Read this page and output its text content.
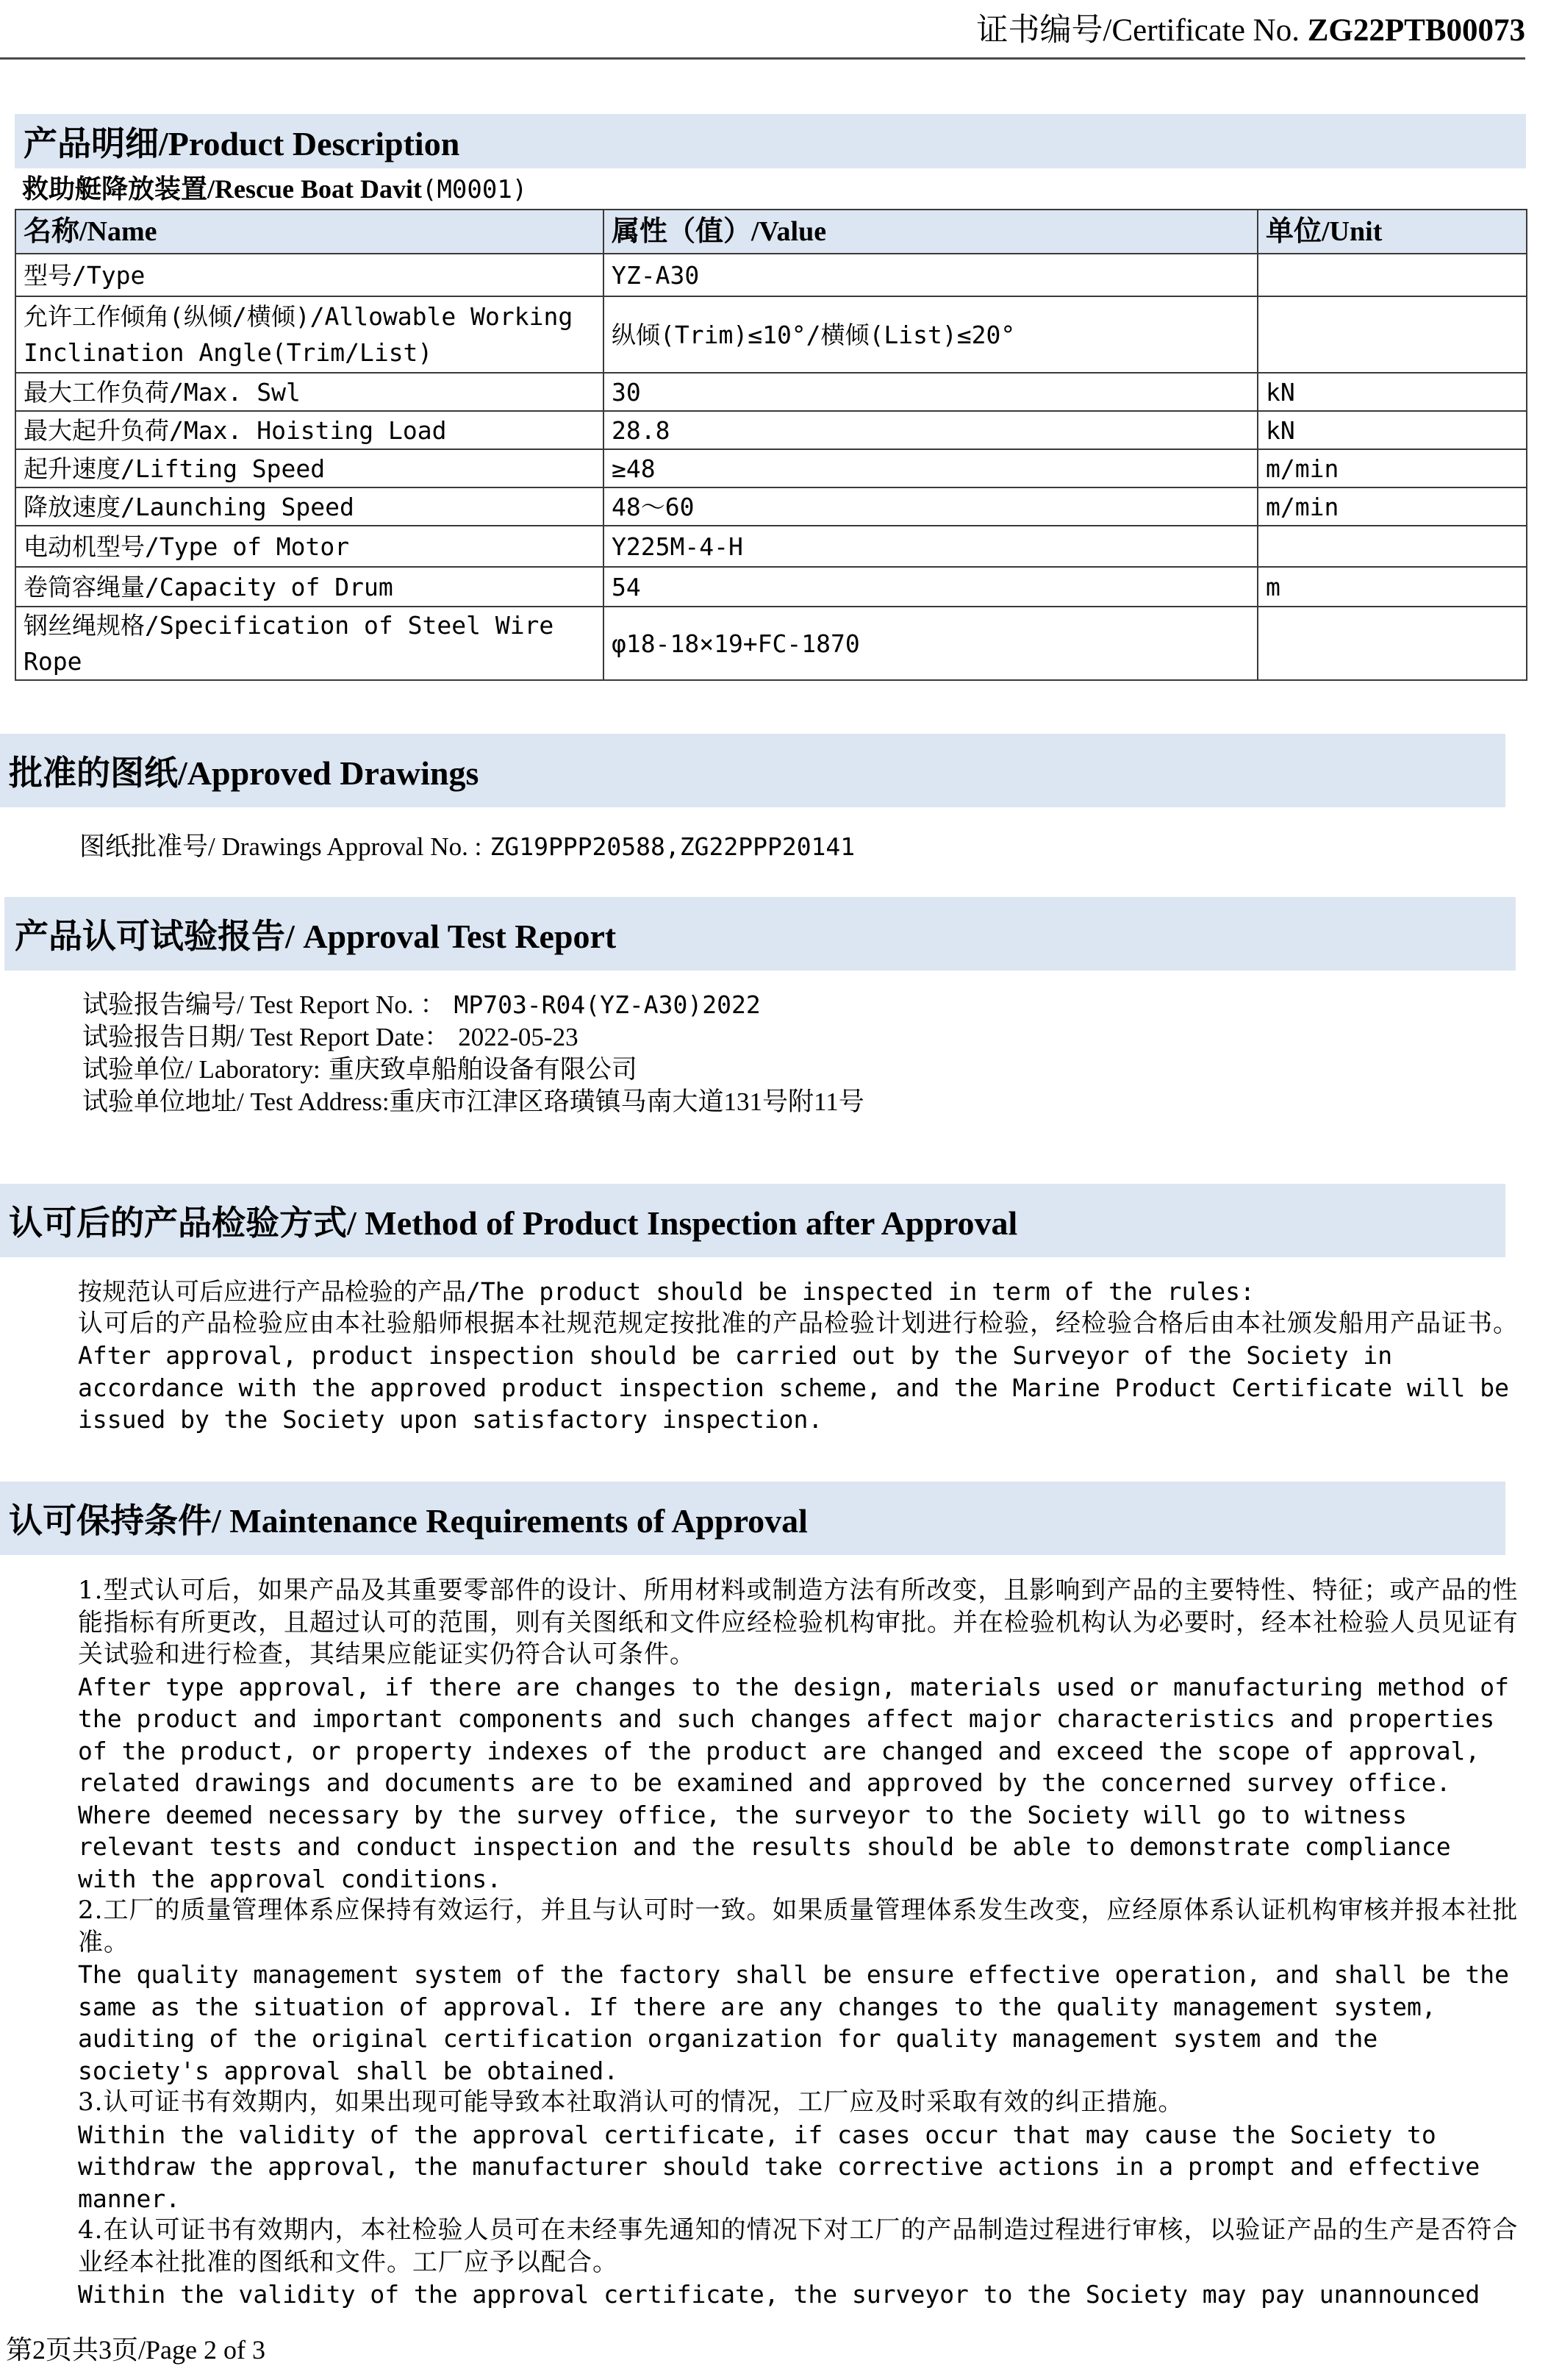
证书编号/Certificate No. ZG22PTB00073
产品明细/Product Description
救助艇降放装置/Rescue Boat Davit(M0001)
名称/Name	属性（值）/Value	单位/Unit
型号/Type	YZ-A30	
允许工作倾角(纵倾/横倾)/Allowable Working Inclination Angle(Trim/List)	纵倾(Trim)≤10°/横倾(List)≤20°	
最大工作负荷/Max. Swl	30	kN
最大起升负荷/Max. Hoisting Load	28.8	kN
起升速度/Lifting Speed	≥48	m/min
降放速度/Launching Speed	48～60	m/min
电动机型号/Type of Motor	Y225M-4-H	
卷筒容绳量/Capacity of Drum	54	m
钢丝绳规格/Specification of Steel Wire Rope	φ18-18×19+FC-1870	
批准的图纸/Approved Drawings
图纸批准号/ Drawings Approval No. : ZG19PPP20588,ZG22PPP20141
产品认可试验报告/ Approval Test Report
试验报告编号/ Test Report No. ： MP703-R04(YZ-A30)2022
试验报告日期/ Test Report Date： 2022-05-23
试验单位/ Laboratory: 重庆致卓船舶设备有限公司
试验单位地址/ Test Address:重庆市江津区珞璜镇马南大道131号附11号
认可后的产品检验方式/ Method of Product Inspection after Approval

按规范认可后应进行产品检验的产品/The product should be inspected in term of the rules:

认可后的产品检验应由本社验船师根据本社规范规定按批准的产品检验计划进行检验，经检验合格后由本社颁发船用产品证书。

After approval, product inspection should be carried out by the Surveyor of the Society in accordance with the approved product inspection scheme, and the Marine Product Certificate will be issued by the Society upon satisfactory inspection.

认可保持条件/ Maintenance Requirements of Approval

1.型式认可后，如果产品及其重要零部件的设计、所用材料或制造方法有所改变，且影响到产品的主要特性、特征；或产品的性能指标有所更改，且超过认可的范围，则有关图纸和文件应经检验机构审批。并在检验机构认为必要时，经本社检验人员见证有关试验和进行检查，其结果应能证实仍符合认可条件。

After type approval, if there are changes to the design, materials used or manufacturing method of the product and important components and such changes affect major characteristics and properties of the product, or property indexes of the product are changed and exceed the scope of approval, related drawings and documents are to be examined and approved by the concerned survey office. Where deemed necessary by the survey office, the surveyor to the Society will go to witness relevant tests and conduct inspection and the results should be able to demonstrate compliance with the approval conditions.

2.工厂的质量管理体系应保持有效运行，并且与认可时一致。如果质量管理体系发生改变，应经原体系认证机构审核并报本社批准。

The quality management system of the factory shall be ensure effective operation, and shall be the same as the situation of approval. If there are any changes to the quality management system, auditing of the original certification organization for quality management system and the society's approval shall be obtained.

3.认可证书有效期内，如果出现可能导致本社取消认可的情况，工厂应及时采取有效的纠正措施。

Within the validity of the approval certificate, if cases occur that may cause the Society to withdraw the approval, the manufacturer should take corrective actions in a prompt and effective manner.

4.在认可证书有效期内，本社检验人员可在未经事先通知的情况下对工厂的产品制造过程进行审核，以验证产品的生产是否符合业经本社批准的图纸和文件。工厂应予以配合。

Within the validity of the approval certificate, the surveyor to the Society may pay unannounced

第2页共3页/Page 2 of 3
